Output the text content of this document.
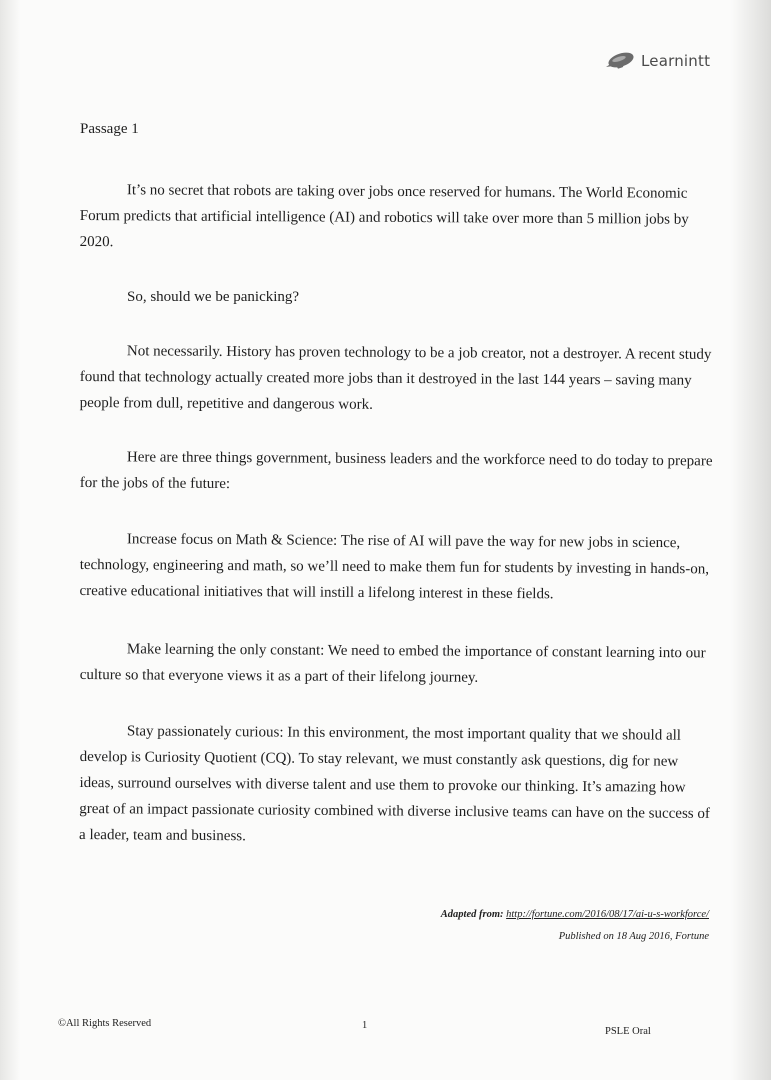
Learnintt
Passage 1

It’s no secret that robots are taking over jobs once reserved for humans. The World Economic Forum predicts that artificial intelligence (AI) and robotics will take over more than 5 million jobs by 2020.

So, should we be panicking?

Not necessarily. History has proven technology to be a job creator, not a destroyer. A recent study found that technology actually created more jobs than it destroyed in the last 144 years – saving many people from dull, repetitive and dangerous work.

Here are three things government, business leaders and the workforce need to do today to prepare for the jobs of the future:

Increase focus on Math & Science: The rise of AI will pave the way for new jobs in science, technology, engineering and math, so we’ll need to make them fun for students by investing in hands-on, creative educational initiatives that will instill a lifelong interest in these fields.

Make learning the only constant: We need to embed the importance of constant learning into our culture so that everyone views it as a part of their lifelong journey.

Stay passionately curious: In this environment, the most important quality that we should all develop is Curiosity Quotient (CQ). To stay relevant, we must constantly ask questions, dig for new ideas, surround ourselves with diverse talent and use them to provoke our thinking. It’s amazing how great of an impact passionate curiosity combined with diverse inclusive teams can have on the success of a leader, team and business.

Adapted from: http://fortune.com/2016/08/17/ai-u-s-workforce/
Published on 18 Aug 2016, Fortune
©All Rights Reserved	1
PSLE Oral
